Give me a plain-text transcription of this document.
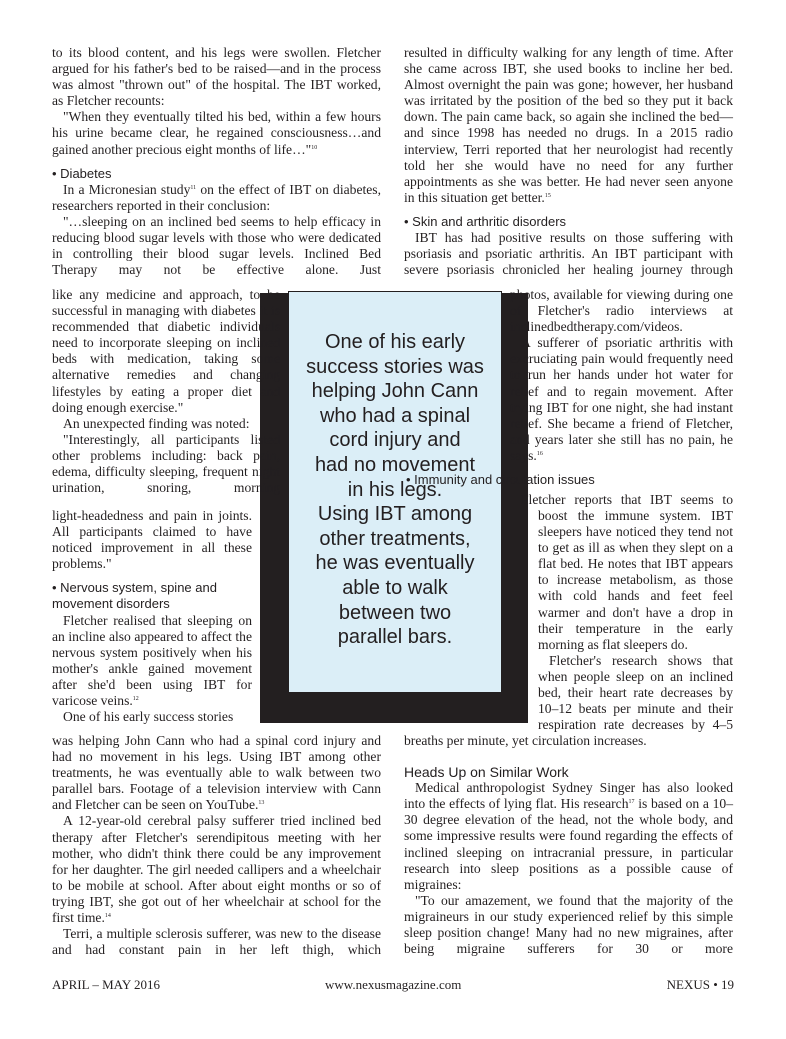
One of his early
success stories was
helping John Cann
who had a spinal
cord injury and
had no movement
in his legs.
Using IBT among
other treatments,
he was eventually
able to walk
between two
parallel bars.

to its blood content, and his legs were swollen. Fletcher argued for his father's bed to be raised—and in the process was almost "thrown out" of the hospital. The IBT worked, as Fletcher recounts:

"When they eventually tilted his bed, within a few hours his urine became clear, he regained consciousness…and gained another precious eight months of life…"$^{10}$

• Diabetes

In a Micronesian study$^{11}$ on the effect of IBT on diabetes, researchers reported in their conclusion:

"…sleeping on an inclined bed seems to help efficacy in reducing blood sugar levels with those who were dedicated in controlling their blood sugar levels. Inclined Bed Therapy may not be effective alone. Just

like any medicine and approach, to be successful in managing with diabetes it is recommended that diabetic individuals need to incorporate sleeping on inclined beds with medication, taking some alternative remedies and changing lifestyles by eating a proper diet and doing enough exercise."

An unexpected finding was noted:

"Interestingly, all participants listed other problems including: back pain, edema, difficulty sleeping, frequent night urination, snoring, morning

light-headedness and pain in joints. All participants claimed to have noticed improvement in all these problems."

• Nervous system, spine and

movement disorders

Fletcher realised that sleeping on an incline also appeared to affect the nervous system positively when his mother's ankle gained movement after she'd been using IBT for varicose veins.$^{12}$

One of his early success stories

was helping John Cann who had a spinal cord injury and had no movement in his legs. Using IBT among other treatments, he was eventually able to walk between two parallel bars. Footage of a television interview with Cann and Fletcher can be seen on YouTube.$^{13}$

A 12-year-old cerebral palsy sufferer tried inclined bed therapy after Fletcher's serendipitous meeting with her mother, who didn't think there could be any improvement for her daughter. The girl needed callipers and a wheelchair to be mobile at school. After about eight months or so of trying IBT, she got out of her wheelchair at school for the first time.$^{14}$

Terri, a multiple sclerosis sufferer, was new to the disease and had constant pain in her left thigh, which

resulted in difficulty walking for any length of time. After she came across IBT, she used books to incline her bed. Almost overnight the pain was gone; however, her husband was irritated by the position of the bed so they put it back down. The pain came back, so again she inclined the bed—and since 1998 has needed no drugs. In a 2015 radio interview, Terri reported that her neurologist had recently told her she would have no need for any further appointments as she was better. He had never seen anyone in this situation get better.$^{15}$

• Skin and arthritic disorders

IBT has had positive results on those suffering with psoriasis and psoriatic arthritis. An IBT participant with severe psoriasis chronicled her healing journey through

photos, available for viewing during one of Fletcher's radio interviews at inclinedbedtherapy.com/videos.

A sufferer of psoriatic arthritis with excruciating pain would frequently need to run her hands under hot water for relief and to regain movement. After trying IBT for one night, she had instant relief. She became a friend of Fletcher, and years later she still has no pain, he says.$^{16}$

• Immunity and circulation issues

Fletcher reports that IBT seems to

boost the immune system. IBT sleepers have noticed they tend not to get as ill as when they slept on a flat bed. He notes that IBT appears to increase metabolism, as those with cold hands and feet feel warmer and don't have a drop in their temperature in the early morning as flat sleepers do.

Fletcher's research shows that when people sleep on an inclined bed, their heart rate decreases by 10–12 beats per minute and their respiration rate decreases by 4–5

breaths per minute, yet circulation increases.

Heads Up on Similar Work

Medical anthropologist Sydney Singer has also looked into the effects of lying flat. His research$^{17}$ is based on a 10–30 degree elevation of the head, not the whole body, and some impressive results were found regarding the effects of inclined sleeping on intracranial pressure, in particular research into sleep positions as a possible cause of migraines:

"To our amazement, we found that the majority of the migraineurs in our study experienced relief by this simple sleep position change! Many had no new migraines, after being migraine sufferers for 30 or more

APRIL – MAY 2016	www.nexusmagazine.com	NEXUS • 19
